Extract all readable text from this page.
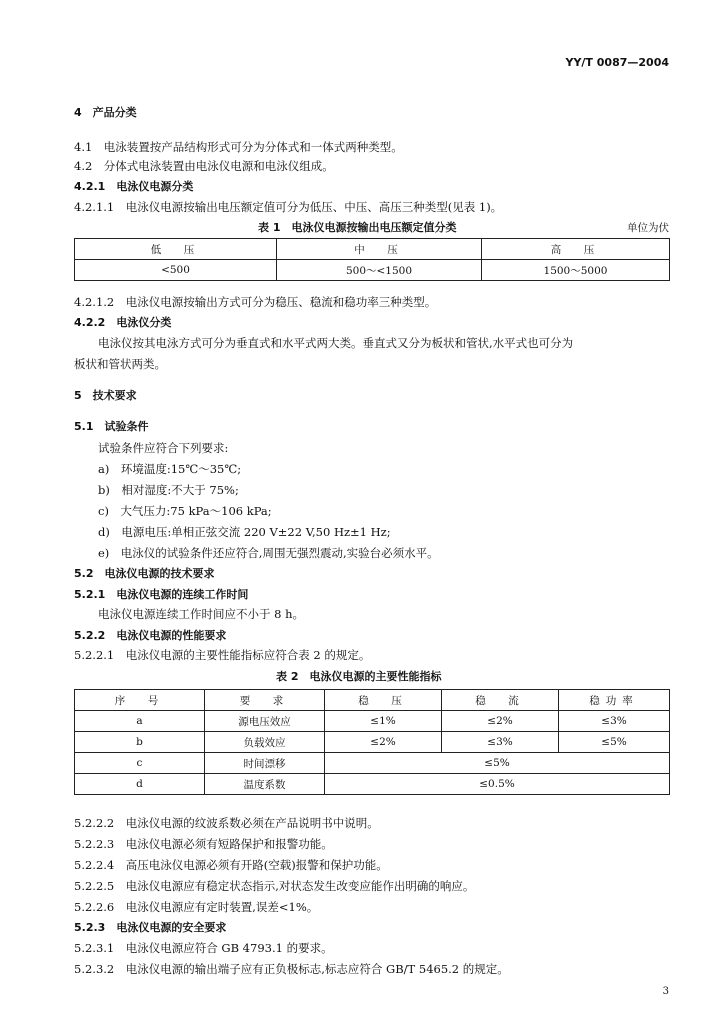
YY/T 0087—2004
4　产品分类
4.1　电泳装置按产品结构形式可分为分体式和一体式两种类型。
4.2　分体式电泳装置由电泳仪电源和电泳仪组成。
4.2.1　电泳仪电源分类
4.2.1.1　电泳仪电源按输出电压额定值可分为低压、中压、高压三种类型(见表 1)。
表 1　电泳仪电源按输出电压额定值分类	单位为伏
低　压	中　压	高　压
<500	500～<1500	1500～5000
4.2.1.2　电泳仪电源按输出方式可分为稳压、稳流和稳功率三种类型。
4.2.2　电泳仪分类
电泳仪按其电泳方式可分为垂直式和水平式两大类。垂直式又分为板状和管状,水平式也可分为
板状和管状两类。
5　技术要求
5.1　试验条件
试验条件应符合下列要求:
a)　环境温度:15℃～35℃;
b)　相对湿度:不大于 75%;
c)　大气压力:75 kPa～106 kPa;
d)　电源电压:单相正弦交流 220 V±22 V,50 Hz±1 Hz;
e)　电泳仪的试验条件还应符合,周围无强烈震动,实验台必须水平。
5.2　电泳仪电源的技术要求
5.2.1　电泳仪电源的连续工作时间
电泳仪电源连续工作时间应不小于 8 h。
5.2.2　电泳仪电源的性能要求
5.2.2.1　电泳仪电源的主要性能指标应符合表 2 的规定。
表 2　电泳仪电源的主要性能指标
序　号	要　求	稳　压	稳　流	稳功率
a	源电压效应	≤1%	≤2%	≤3%
b	负载效应	≤2%	≤3%	≤5%
c	时间漂移	≤5%		
d	温度系数	≤0.5%		
5.2.2.2　电泳仪电源的纹波系数必须在产品说明书中说明。
5.2.2.3　电泳仪电源必须有短路保护和报警功能。
5.2.2.4　高压电泳仪电源必须有开路(空载)报警和保护功能。
5.2.2.5　电泳仪电源应有稳定状态指示,对状态发生改变应能作出明确的响应。
5.2.2.6　电泳仪电源应有定时装置,误差<1%。
5.2.3　电泳仪电源的安全要求
5.2.3.1　电泳仪电源应符合 GB 4793.1 的要求。
5.2.3.2　电泳仪电源的输出端子应有正负极标志,标志应符合 GB/T 5465.2 的规定。
3
